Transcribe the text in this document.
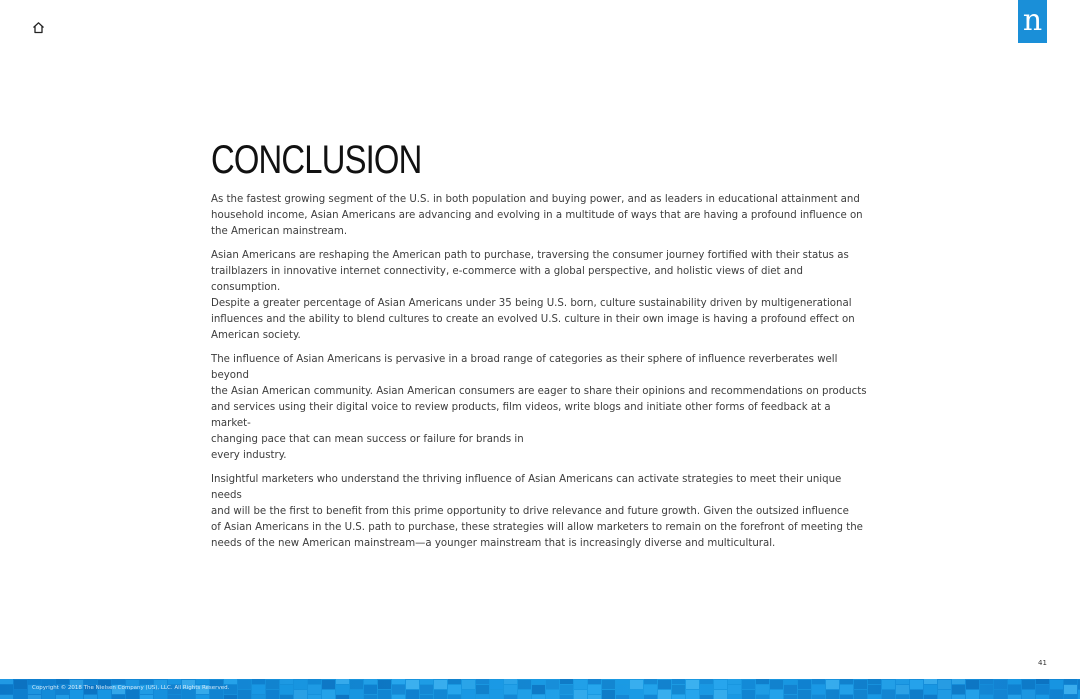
n
CONCLUSION

As the fastest growing segment of the U.S. in both population and buying power, and as leaders in educational attainment and
household income, Asian Americans are advancing and evolving in a multitude of ways that are having a profound influence on
the American mainstream.

Asian Americans are reshaping the American path to purchase, traversing the consumer journey fortified with their status as
trailblazers in innovative internet connectivity, e-commerce with a global perspective, and holistic views of diet and consumption.
Despite a greater percentage of Asian Americans under 35 being U.S. born, culture sustainability driven by multigenerational
influences and the ability to blend cultures to create an evolved U.S. culture in their own image is having a profound effect on
American society.

The influence of Asian Americans is pervasive in a broad range of categories as their sphere of influence reverberates well beyond
the Asian American community. Asian American consumers are eager to share their opinions and recommendations on products
and services using their digital voice to review products, film videos, write blogs and initiate other forms of feedback at a market-
changing pace that can mean success or failure for brands in
every industry.

Insightful marketers who understand the thriving influence of Asian Americans can activate strategies to meet their unique needs
and will be the first to benefit from this prime opportunity to drive relevance and future growth. Given the outsized influence
of Asian Americans in the U.S. path to purchase, these strategies will allow marketers to remain on the forefront of meeting the
needs of the new American mainstream—a younger mainstream that is increasingly diverse and multicultural.

41
Copyright © 2018 The Nielsen Company (US), LLC. All Rights Reserved.
